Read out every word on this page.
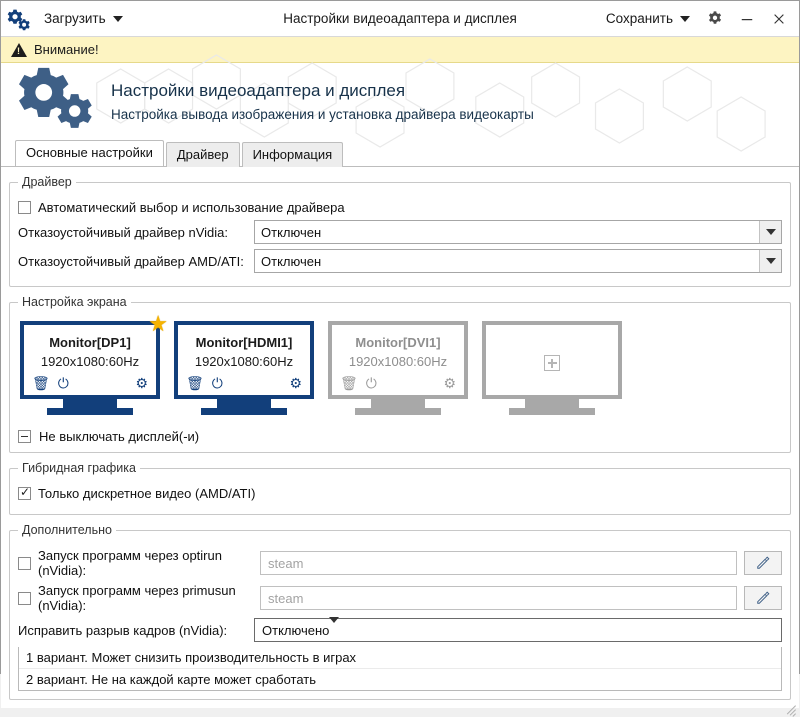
Загрузить	Настройки видеоадаптера и дисплея	Сохранить
!
Внимание!
Настройки видеоадаптера и дисплея
Настройка вывода изображения и установка драйвера видеокарты
Основные настройки	Драйвер	Информация
Драйвер
Автоматический выбор и использование драйвера
Отказоустойчивый драйвер nVidia:	Отключен
Отказоустойчивый драйвер AMD/ATI:	Отключен
Настройка экрана
★
Monitor[DP1]
1920x1080:60Hz
🗑 ⏻	⚙
Monitor[HDMI1]
1920x1080:60Hz
🗑 ⏻	⚙
Monitor[DVI1]
1920x1080:60Hz
🗑 ⏻	⚙
Не выключать дисплей(-и)
Гибридная графика
✓
Только дискретное видео (AMD/ATI)
Дополнительно
Запуск программ через optirun (nVidia):	steam
Запуск программ через primusun (nVidia):	steam
Исправить разрыв кадров (nVidia):	Отключено
1 вариант. Может снизить производительность в играх
2 вариант. Не на каждой карте может сработать
